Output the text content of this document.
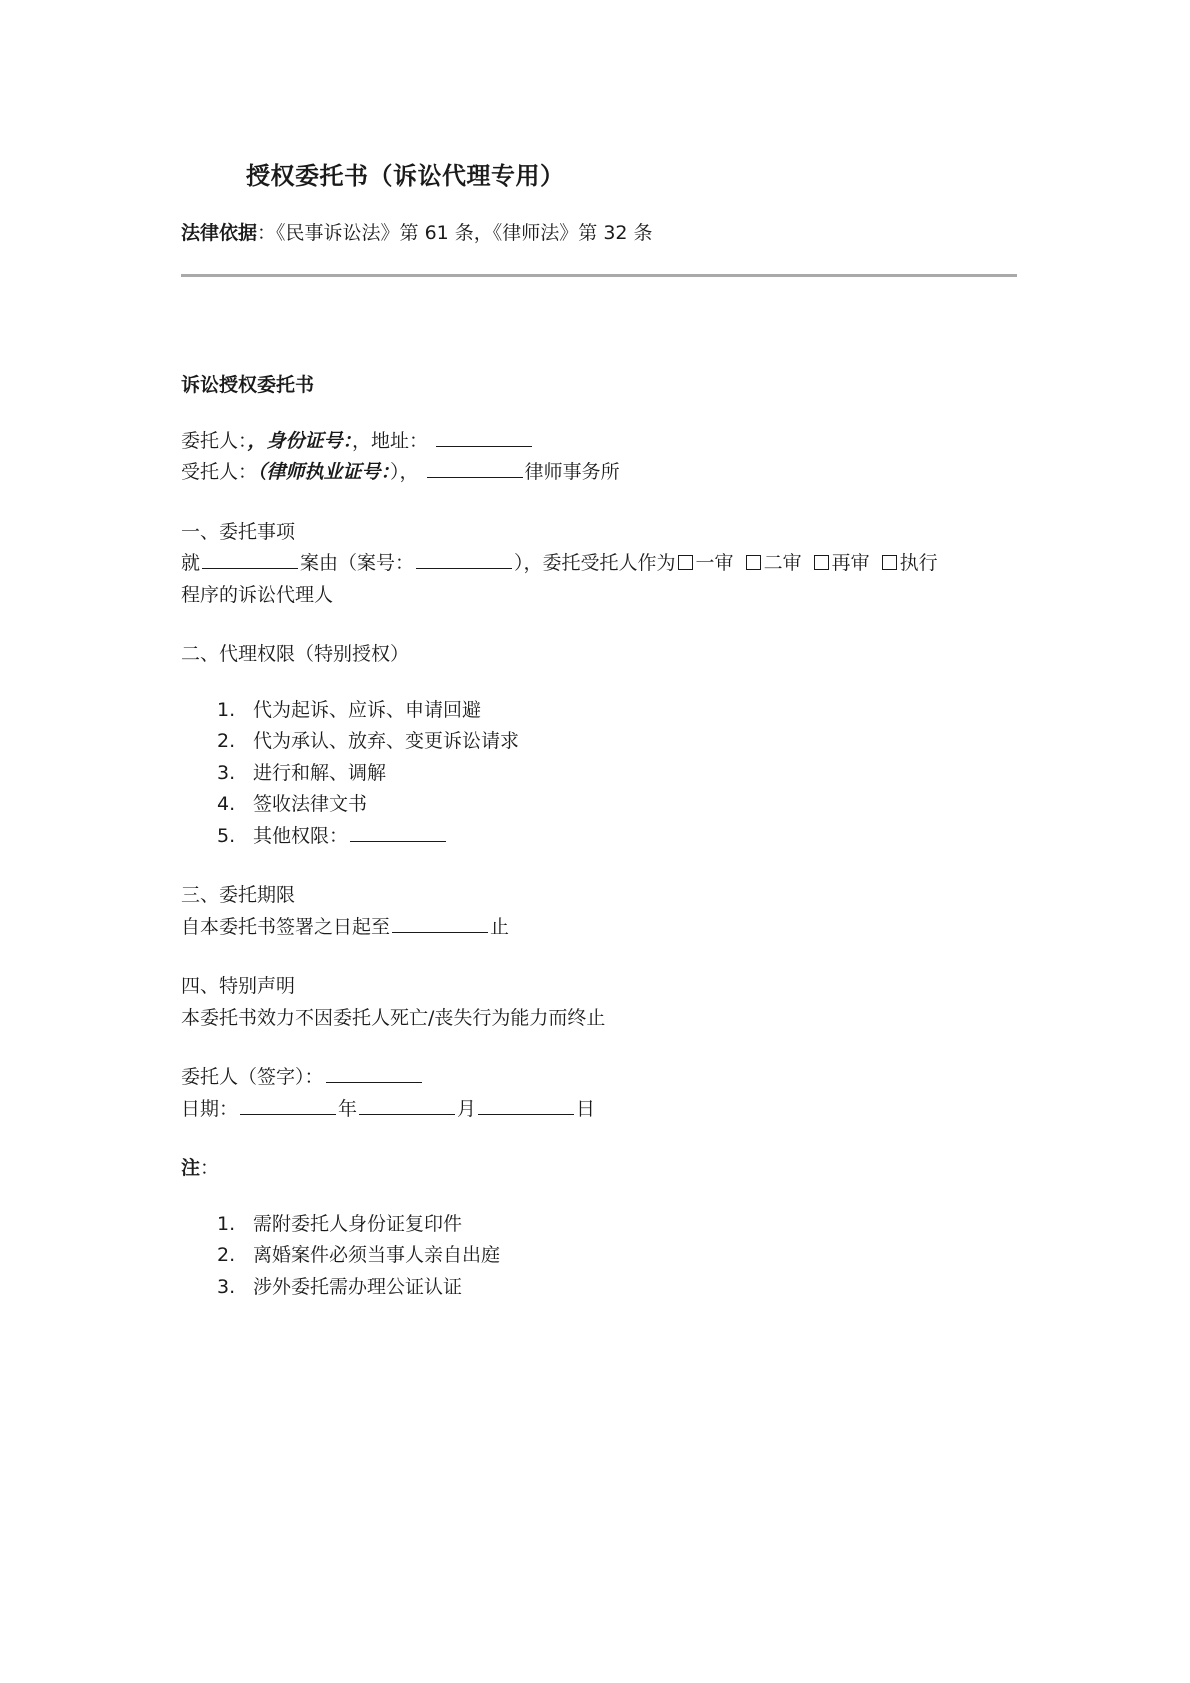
授权委托书（诉讼代理专用）
法律依据：《民事诉讼法》第 61 条，《律师法》第 32 条
诉讼授权委托书
委托人：，身份证号：，地址：
受托人：（律师执业证号：），	律师事务所
一、委托事项
就	案由（案号：	），委托受托人作为 一审 二审 再审 执行
程序的诉讼代理人
二、代理权限（特别授权）
1. 代为起诉、应诉、申请回避
2. 代为承认、放弃、变更诉讼请求
3. 进行和解、调解
4. 签收法律文书
5. 其他权限：
三、委托期限
自本委托书签署之日起至	止
四、特别声明
本委托书效力不因委托人死亡/丧失行为能力而终止
委托人（签字）：
日期：	年	月	日
注：
1. 需附委托人身份证复印件
2. 离婚案件必须当事人亲自出庭
3. 涉外委托需办理公证认证
